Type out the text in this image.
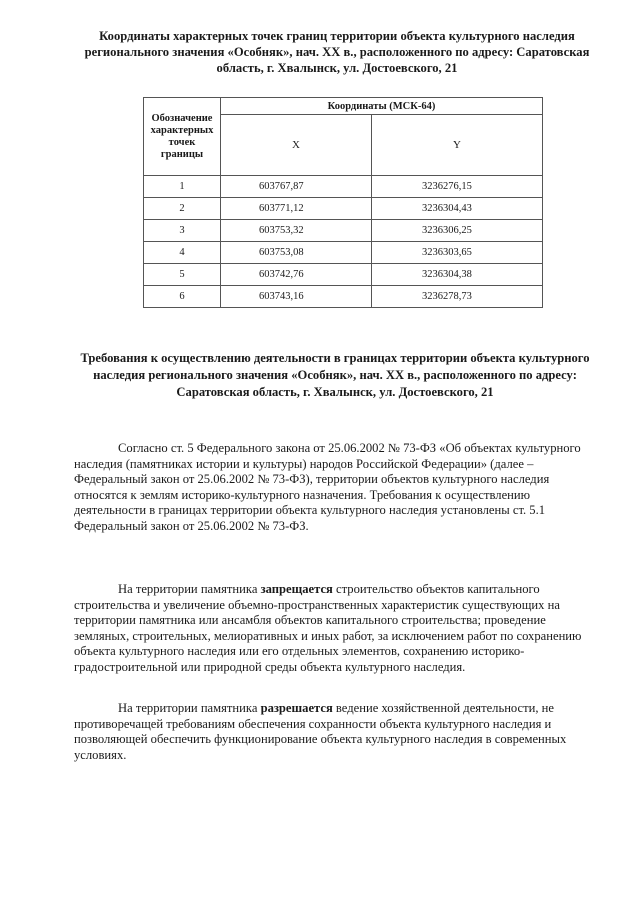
Координаты характерных точек границ территории объекта культурного наследия регионального значения «Особняк», нач. XX в., расположенного по адресу: Саратовская область, г. Хвалынск, ул. Достоевского, 21
Обозначение характерных точек границы	Координаты (МСК-64)	
	X	Y
1	603767,87	3236276,15
2	603771,12	3236304,43
3	603753,32	3236306,25
4	603753,08	3236303,65
5	603742,76	3236304,38
6	603743,16	3236278,73
Требования к осуществлению деятельности в границах территории объекта культурного наследия регионального значения «Особняк», нач. XX в., расположенного по адресу: Саратовская область, г. Хвалынск, ул. Достоевского, 21
Согласно ст. 5 Федерального закона от 25.06.2002 № 73-ФЗ «Об объектах культурного наследия (памятниках истории и культуры) народов Российской Федерации» (далее – Федеральный закон от 25.06.2002 № 73-ФЗ), территории объектов культурного наследия относятся к землям историко-культурного назначения. Требования к осуществлению деятельности в границах территории объекта культурного наследия установлены ст. 5.1 Федеральный закон от 25.06.2002 № 73-ФЗ.
На территории памятника запрещается строительство объектов капитального строительства и увеличение объемно-пространственных характеристик существующих на территории памятника или ансамбля объектов капитального строительства; проведение земляных, строительных, мелиоративных и иных работ, за исключением работ по сохранению объекта культурного наследия или его отдельных элементов, сохранению историко-градостроительной или природной среды объекта культурного наследия.
На территории памятника разрешается ведение хозяйственной деятельности, не противоречащей требованиям обеспечения сохранности объекта культурного наследия и позволяющей обеспечить функционирование объекта культурного наследия в современных условиях.
